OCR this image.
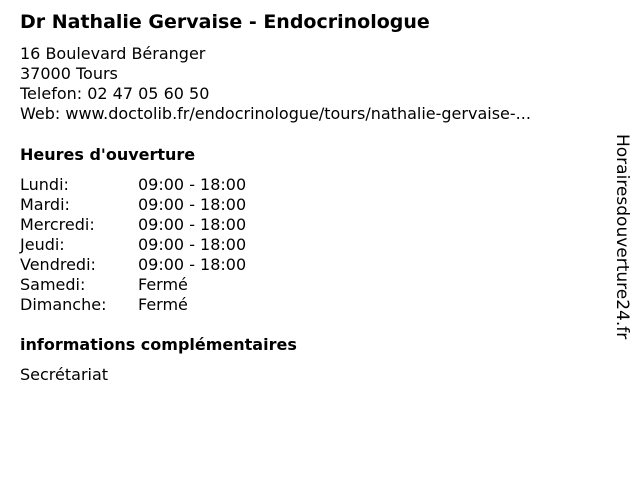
Dr Nathalie Gervaise - Endocrinologue
16 Boulevard Béranger
37000 Tours
Telefon: 02 47 05 60 50
Web: www.doctolib.fr/endocrinologue/tours/nathalie-gervaise-...
Heures d'ouverture
Lundi:	09:00 - 18:00
Mardi:	09:00 - 18:00
Mercredi:	09:00 - 18:00
Jeudi:	09:00 - 18:00
Vendredi:	09:00 - 18:00
Samedi:	Fermé
Dimanche: Fermé
informations complémentaires
Secrétariat
Horairesdouverture24.fr
